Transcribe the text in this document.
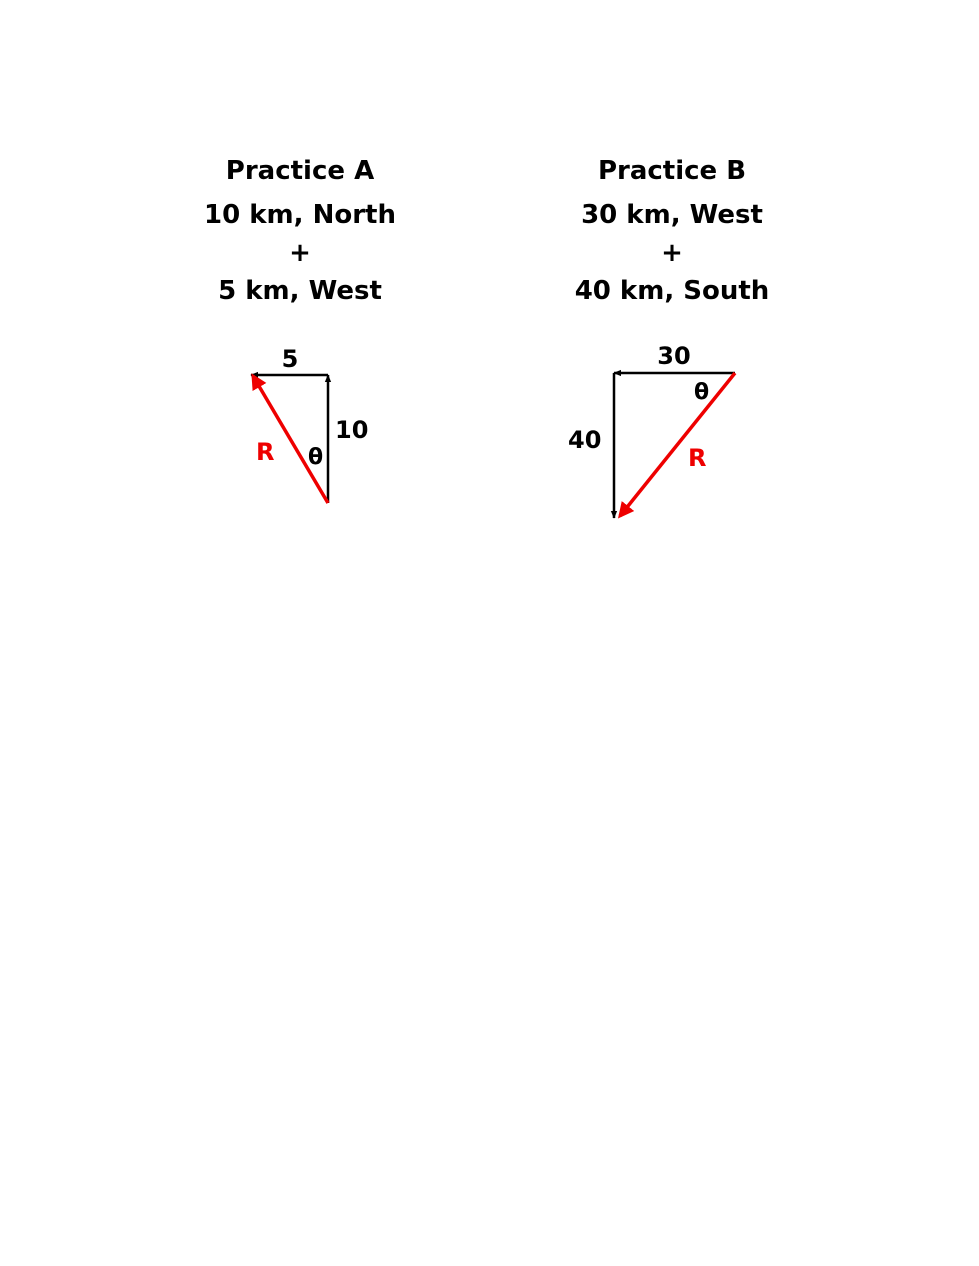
Practice A
10 km, North
+
5 km, West
Practice B
30 km, West
+
40 km, South
5
10
R θ
30
40
R
θ
